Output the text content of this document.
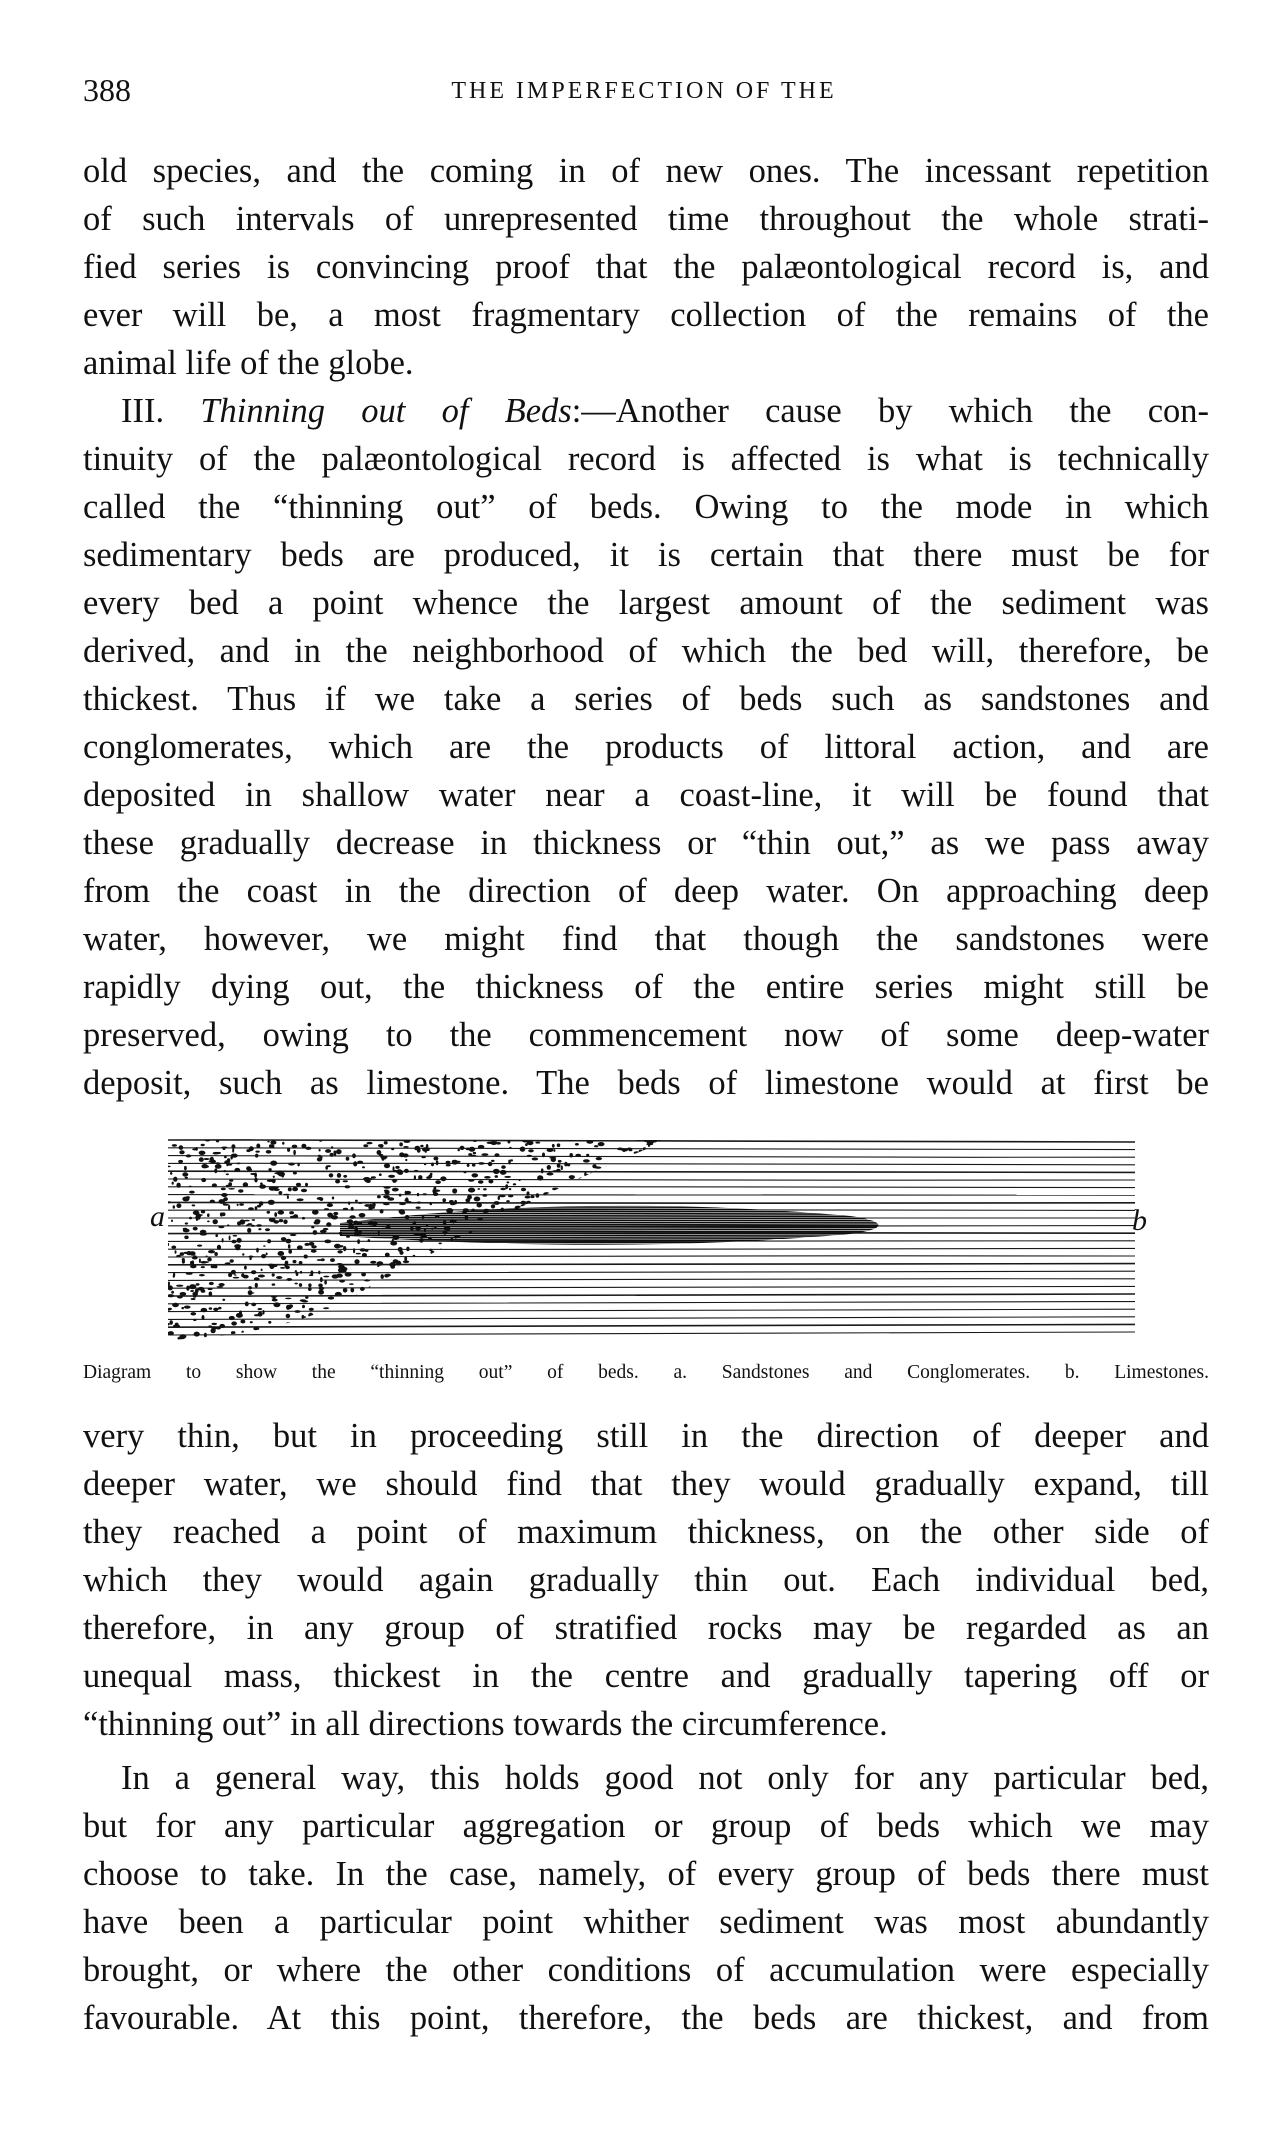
388	THE IMPERFECTION OF THE
old species, and the coming in of new ones. The incessant repetition
of such intervals of unrepresented time throughout the whole strati-
fied series is convincing proof that the palæontological record is, and
ever will be, a most fragmentary collection of the remains of the
animal life of the globe.
III. Thinning out of Beds:—Another cause by which the con-
tinuity of the palæontological record is affected is what is technically
called the “thinning out” of beds. Owing to the mode in which
sedimentary beds are produced, it is certain that there must be for
every bed a point whence the largest amount of the sediment was
derived, and in the neighborhood of which the bed will, therefore, be
thickest. Thus if we take a series of beds such as sandstones and
conglomerates, which are the products of littoral action, and are
deposited in shallow water near a coast-line, it will be found that
these gradually decrease in thickness or “thin out,” as we pass away
from the coast in the direction of deep water. On approaching deep
water, however, we might find that though the sandstones were
rapidly dying out, the thickness of the entire series might still be
preserved, owing to the commencement now of some deep-water
deposit, such as limestone. The beds of limestone would at first be
a	b
Diagram to show the “thinning out” of beds. a. Sandstones and Conglomerates. b. Limestones.
very thin, but in proceeding still in the direction of deeper and
deeper water, we should find that they would gradually expand, till
they reached a point of maximum thickness, on the other side of
which they would again gradually thin out. Each individual bed,
therefore, in any group of stratified rocks may be regarded as an
unequal mass, thickest in the centre and gradually tapering off or
“thinning out” in all directions towards the circumference.
In a general way, this holds good not only for any particular bed,
but for any particular aggregation or group of beds which we may
choose to take. In the case, namely, of every group of beds there must
have been a particular point whither sediment was most abundantly
brought, or where the other conditions of accumulation were especially
favourable. At this point, therefore, the beds are thickest, and from
